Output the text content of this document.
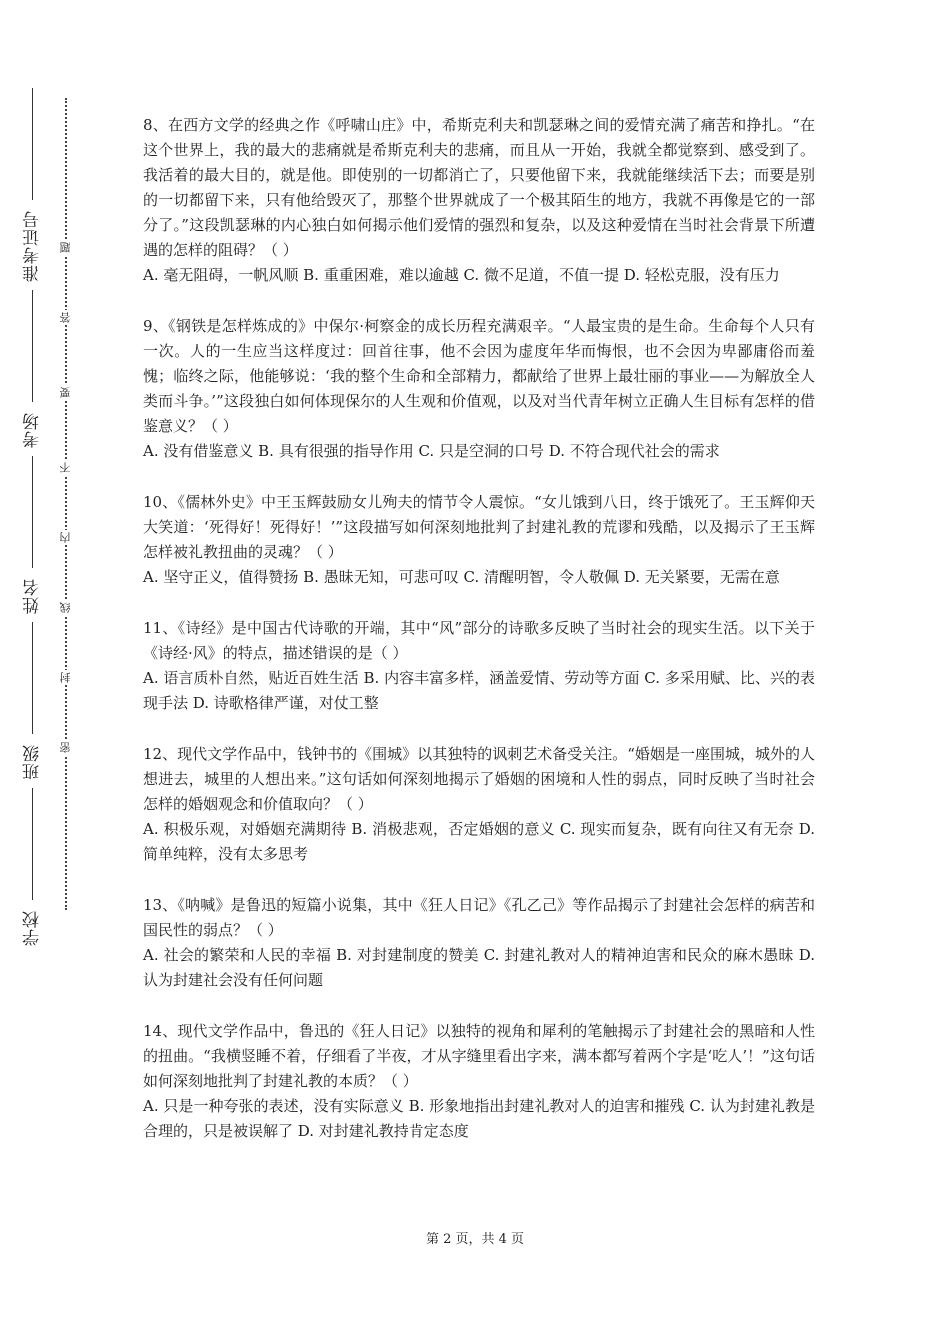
学校班级姓名考场准考证号
密
封
线
内
不
要
答
题

8、在西方文学的经典之作《呼啸山庄》中，希斯克利夫和凯瑟琳之间的爱情充满了痛苦和挣扎。“在这个世界上，我的最大的悲痛就是希斯克利夫的悲痛，而且从一开始，我就全都觉察到、感受到了。我活着的最大目的，就是他。即使别的一切都消亡了，只要他留下来，我就能继续活下去；而要是别的一切都留下来，只有他给毁灭了，那整个世界就成了一个极其陌生的地方，我就不再像是它的一部分了。”这段凯瑟琳的内心独白如何揭示他们爱情的强烈和复杂，以及这种爱情在当时社会背景下所遭遇的怎样的阻碍？（ ）

A. 毫无阻碍，一帆风顺 B. 重重困难，难以逾越 C. 微不足道，不值一提 D. 轻松克服，没有压力

9、《钢铁是怎样炼成的》中保尔·柯察金的成长历程充满艰辛。“人最宝贵的是生命。生命每个人只有一次。人的一生应当这样度过：回首往事，他不会因为虚度年华而悔恨，也不会因为卑鄙庸俗而羞愧；临终之际，他能够说：‘我的整个生命和全部精力，都献给了世界上最壮丽的事业——为解放全人类而斗争。’”这段独白如何体现保尔的人生观和价值观，以及对当代青年树立正确人生目标有怎样的借鉴意义？（ ）

A. 没有借鉴意义 B. 具有很强的指导作用 C. 只是空洞的口号 D. 不符合现代社会的需求

10、《儒林外史》中王玉辉鼓励女儿殉夫的情节令人震惊。“女儿饿到八日，终于饿死了。王玉辉仰天大笑道：‘死得好！死得好！’”这段描写如何深刻地批判了封建礼教的荒谬和残酷，以及揭示了王玉辉怎样被礼教扭曲的灵魂？（ ）

A. 坚守正义，值得赞扬 B. 愚昧无知，可悲可叹 C. 清醒明智，令人敬佩 D. 无关紧要，无需在意

11、《诗经》是中国古代诗歌的开端，其中“风”部分的诗歌多反映了当时社会的现实生活。以下关于《诗经·风》的特点，描述错误的是（ ）

A. 语言质朴自然，贴近百姓生活 B. 内容丰富多样，涵盖爱情、劳动等方面 C. 多采用赋、比、兴的表现手法 D. 诗歌格律严谨，对仗工整

12、现代文学作品中，钱钟书的《围城》以其独特的讽刺艺术备受关注。“婚姻是一座围城，城外的人想进去，城里的人想出来。”这句话如何深刻地揭示了婚姻的困境和人性的弱点，同时反映了当时社会怎样的婚姻观念和价值取向？（ ）

A. 积极乐观，对婚姻充满期待 B. 消极悲观，否定婚姻的意义 C. 现实而复杂，既有向往又有无奈 D. 简单纯粹，没有太多思考

13、《呐喊》是鲁迅的短篇小说集，其中《狂人日记》《孔乙己》等作品揭示了封建社会怎样的病苦和国民性的弱点？（ ）

A. 社会的繁荣和人民的幸福 B. 对封建制度的赞美 C. 封建礼教对人的精神迫害和民众的麻木愚昧 D. 认为封建社会没有任何问题

14、现代文学作品中，鲁迅的《狂人日记》以独特的视角和犀利的笔触揭示了封建社会的黑暗和人性的扭曲。“我横竖睡不着，仔细看了半夜，才从字缝里看出字来，满本都写着两个字是‘吃人’！”这句话如何深刻地批判了封建礼教的本质？（ ）

A. 只是一种夸张的表述，没有实际意义 B. 形象地指出封建礼教对人的迫害和摧残 C. 认为封建礼教是合理的，只是被误解了 D. 对封建礼教持肯定态度

第 2 页，共 4 页
